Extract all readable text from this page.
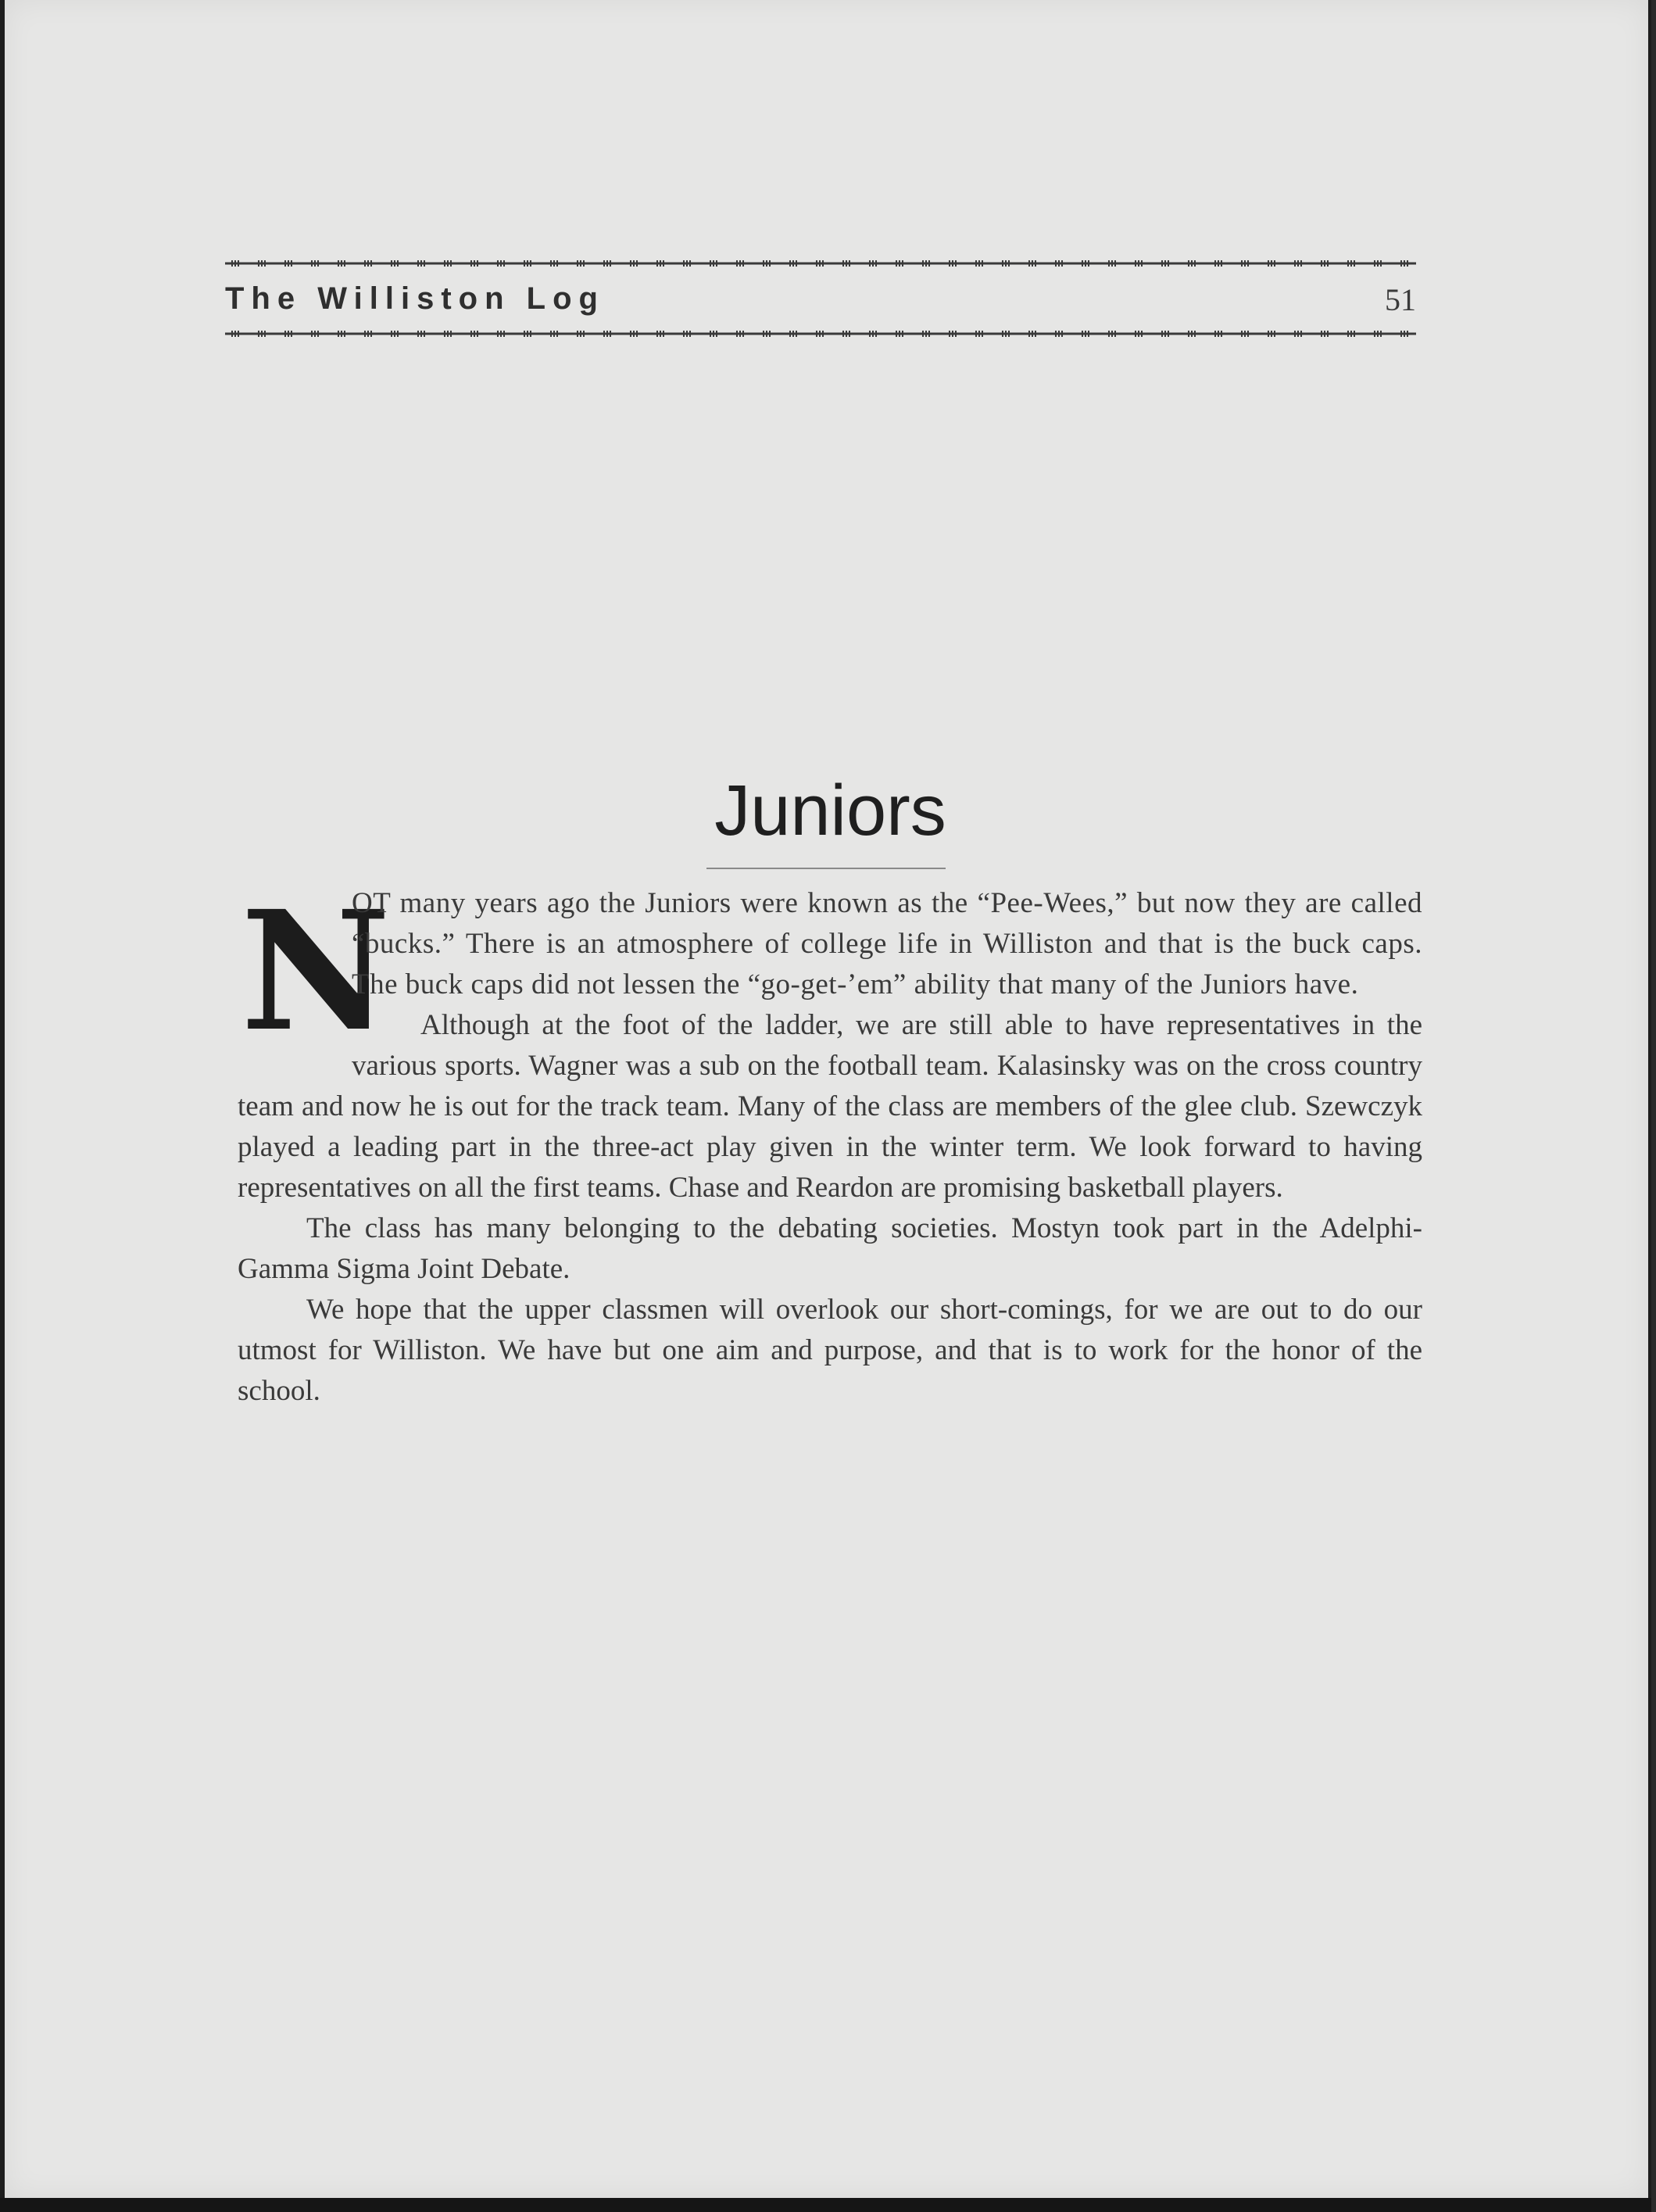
The Williston Log	51
Juniors

N
OT many years ago the Juniors were known as the “Pee-Wees,” but now they are called “bucks.” There is an atmosphere of college life in Williston and that is the buck caps. The buck caps did not lessen the “go-get-’em” ability that many of the Juniors have.

Although at the foot of the ladder, we are still able to have representatives in the various sports. Wagner was a sub on the football team. Kalasinsky was on the cross country team and now he is out for the track team. Many of the class are members of the glee club. Szewczyk played a leading part in the three-act play given in the winter term. We look forward to having representatives on all the first teams. Chase and Reardon are promising basketball players.

The class has many belonging to the debating societies. Mostyn took part in the Adelphi-Gamma Sigma Joint Debate.

We hope that the upper classmen will overlook our short-comings, for we are out to do our utmost for Williston. We have but one aim and purpose, and that is to work for the honor of the school.
